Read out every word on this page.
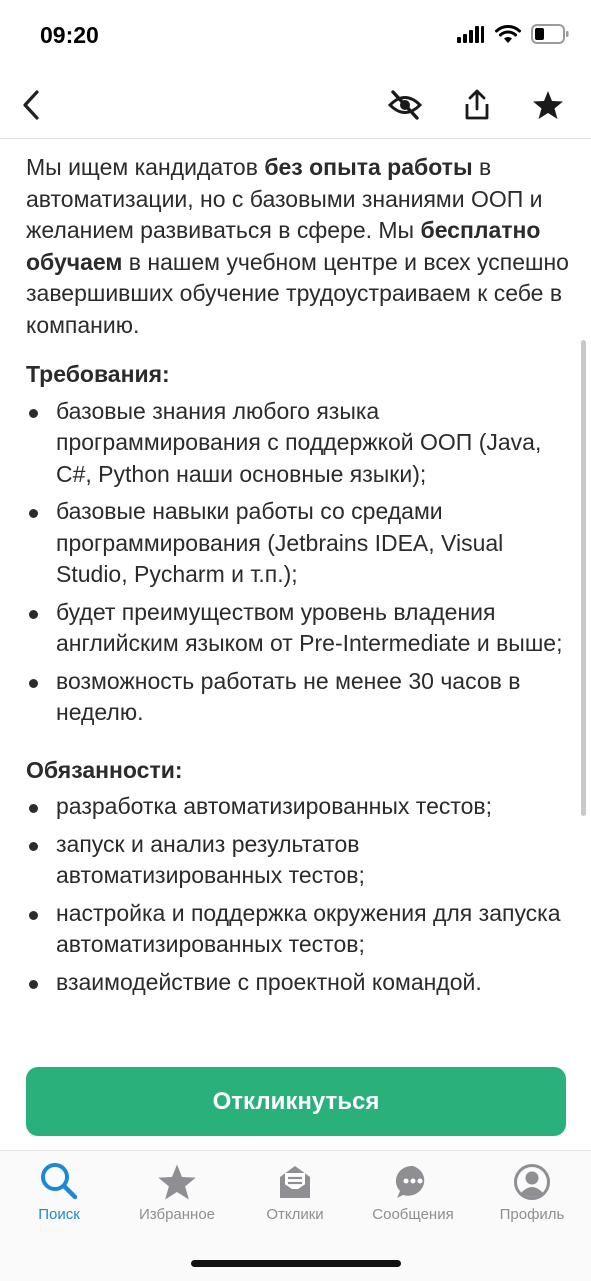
09:20

Мы ищем кандидатов без опыта работы в автоматизации, но с базовыми знаниями ООП и желанием развиваться в сфере. Мы бесплатно обучаем в нашем учебном центре и всех успешно завершивших обучение трудоустраиваем к себе в компанию.

Требования:
базовые знания любого языка программирования с поддержкой ООП (Java, C#, Python наши основные языки);
базовые навыки работы со средами программирования (Jetbrains IDEA, Visual Studio, Pycharm и т.п.);
будет преимуществом уровень владения английским языком от Pre-Intermediate и выше;
возможность работать не менее 30 часов в неделю.
Обязанности:
разработка автоматизированных тестов;
запуск и анализ результатов автоматизированных тестов;
настройка и поддержка окружения для запуска автоматизированных тестов;
взаимодействие с проектной командой.
Откликнуться
Поиск	Избранное	Отклики	Сообщения	Профиль
